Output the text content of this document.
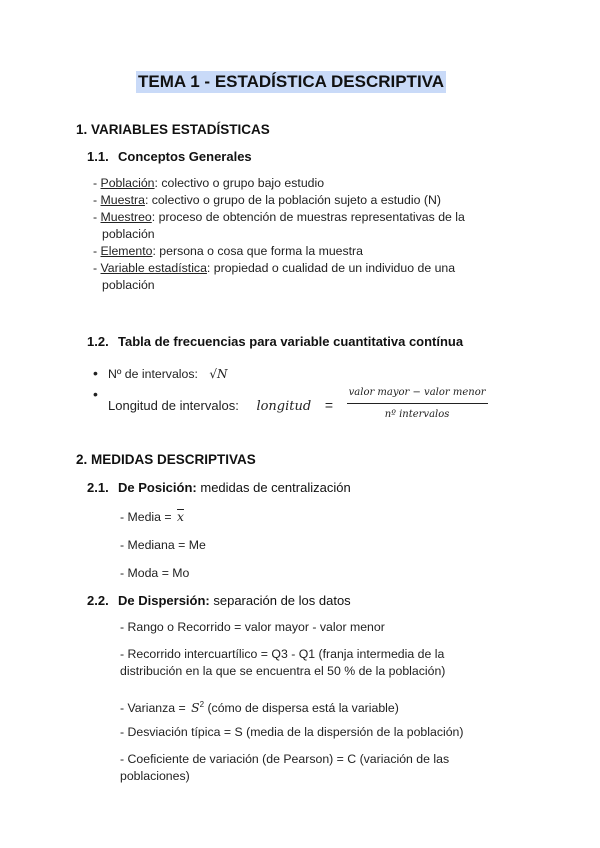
TEMA 1 - ESTADÍSTICA DESCRIPTIVA
1. VARIABLES ESTADÍSTICAS
1.1. Conceptos Generales
- Población: colectivo o grupo bajo estudio
- Muestra: colectivo o grupo de la población sujeto a estudio (N)
- Muestreo: proceso de obtención de muestras representativas de la
población
- Elemento: persona o cosa que forma la muestra
- Variable estadística: propiedad o cualidad de un individuo de una
población
1.2. Tabla de frecuencias para variable cuantitativa contínua
• Nº de intervalos: √N
• Longitud de intervalos: longitud = $\frac{\text{valor mayor − valor menor}}{\text{nº intervalos}}$
2. MEDIDAS DESCRIPTIVAS
2.1. De Posición: medidas de centralización
- Media = $\overline{x}$
- Mediana = Me
- Moda = Mo
2.2. De Dispersión: separación de los datos
- Rango o Recorrido = valor mayor - valor menor
- Recorrido intercuartílico = Q3 - Q1 (franja intermedia de la
distribución en la que se encuentra el 50 % de la población)
- Varianza = $S^2$ (cómo de dispersa está la variable)
- Desviación típica = S (media de la dispersión de la población)
- Coeficiente de variación (de Pearson) = C (variación de las
poblaciones)
